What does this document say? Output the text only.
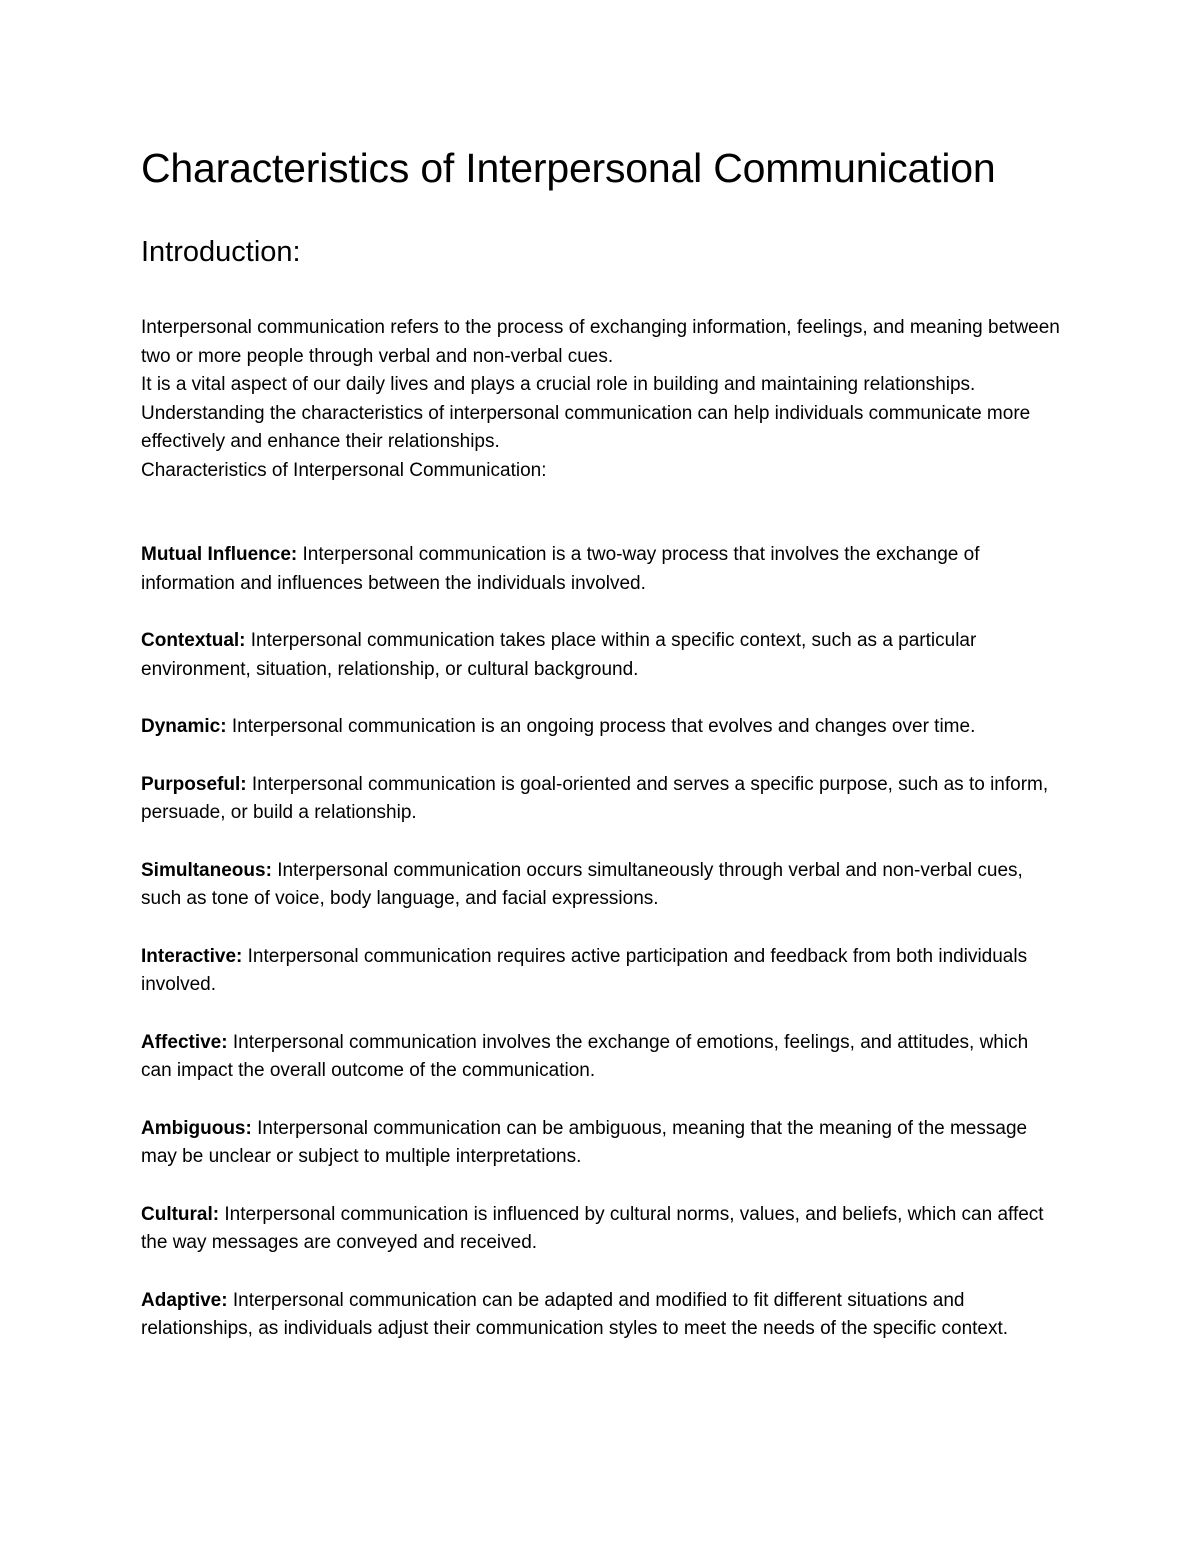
Characteristics of Interpersonal Communication
Introduction:

Interpersonal communication refers to the process of exchanging information, feelings, and meaning between two or more people through verbal and non-verbal cues.

It is a vital aspect of our daily lives and plays a crucial role in building and maintaining relationships.

Understanding the characteristics of interpersonal communication can help individuals communicate more effectively and enhance their relationships.

Characteristics of Interpersonal Communication:

Mutual Influence: Interpersonal communication is a two-way process that involves the exchange of information and influences between the individuals involved.

Contextual: Interpersonal communication takes place within a specific context, such as a particular environment, situation, relationship, or cultural background.

Dynamic: Interpersonal communication is an ongoing process that evolves and changes over time.

Purposeful: Interpersonal communication is goal-oriented and serves a specific purpose, such as to inform, persuade, or build a relationship.

Simultaneous: Interpersonal communication occurs simultaneously through verbal and non-verbal cues, such as tone of voice, body language, and facial expressions.

Interactive: Interpersonal communication requires active participation and feedback from both individuals involved.

Affective: Interpersonal communication involves the exchange of emotions, feelings, and attitudes, which can impact the overall outcome of the communication.

Ambiguous: Interpersonal communication can be ambiguous, meaning that the meaning of the message may be unclear or subject to multiple interpretations.

Cultural: Interpersonal communication is influenced by cultural norms, values, and beliefs, which can affect the way messages are conveyed and received.

Adaptive: Interpersonal communication can be adapted and modified to fit different situations and relationships, as individuals adjust their communication styles to meet the needs of the specific context.
